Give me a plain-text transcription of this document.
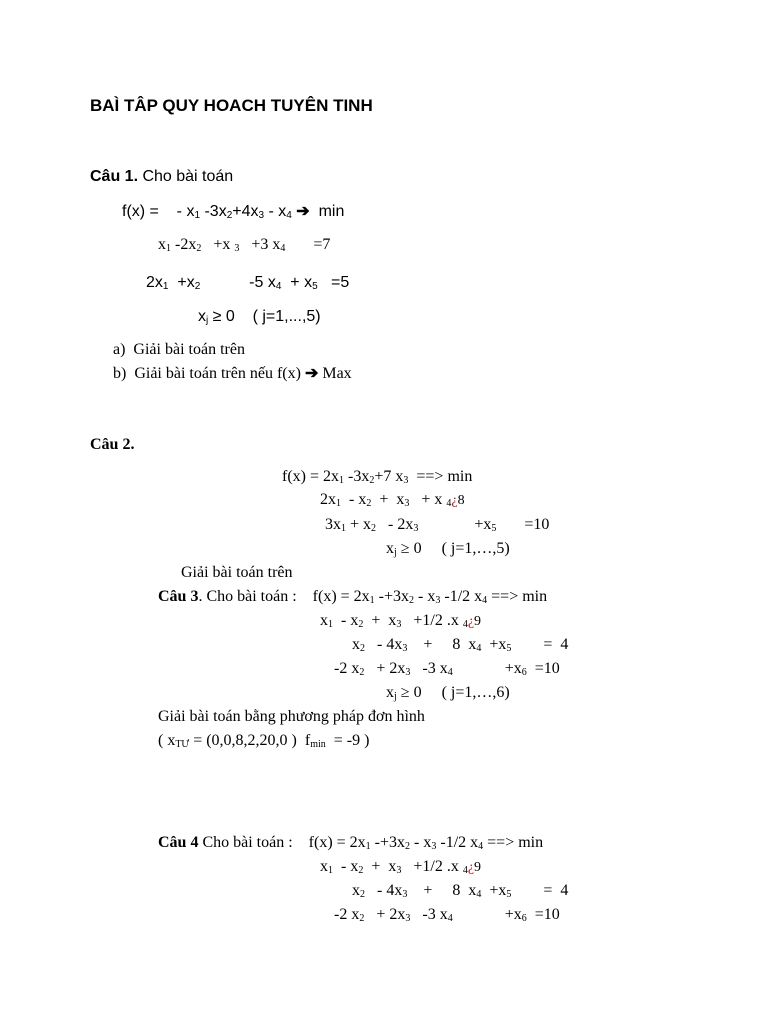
BAÌ TÂP QUY HOACH TUYÊN TINH
Câu 1. Cho bài toán
f(x) = - $x_1$ $-3x_2+4x_3 - x_4$ ➔  min
$x_1$ $-2x_2 +x$ $_3$   +3 $x_4$       =7
$2x_1 +x_2$           -5 $x_4 + x_5 =5$
$x_j \ge 0$    ( j=1,...,5)
a)  Giải bài toán trên
b)  Giải bài toán trên nếu f(x) ➔ Max
Câu 2.
$f(x) = 2x_1$ $-3x_2+7$ $x_3$  ==> min
$2x_1 - x_2 + x_3 + x$ $_4$¿8
$3x_1 + x_2 - 2x_3$              $+x_5$       =10
$x_j \ge 0$     ( j=1,…,5)
Giải bài toán trên
Câu 3. Cho bài toán :    $f(x) = 2x_1$ $-+3x_2 - x_3$ -1/2 $x_4$ ==> min
$x_1 - x_2 + x_3 +1/2$ .x $_4$¿9
$x_2 - 4x_3$    +     8  $x_4 +x_5$        =  4
-2 $x_2 + 2x_3$   -3 $x_4$             $+x_6 =10$
$x_j \ge 0$     ( j=1,…,6)
Giải bài toán bằng phương pháp đơn hình
( $x_{TƯ} = (0,0,8,2,20,0$ )  $f_{min} = -9$ )
Câu 4 Cho bài toán :    $f(x) = 2x_1$ $-+3x_2 - x_3$ -1/2 $x_4$ ==> min
$x_1 - x_2 + x_3 +1/2$ .x $_4$¿9
$x_2 - 4x_3$    +     8  $x_4 +x_5$        =  4
-2 $x_2 + 2x_3$   -3 $x_4$             $+x_6 =10$
